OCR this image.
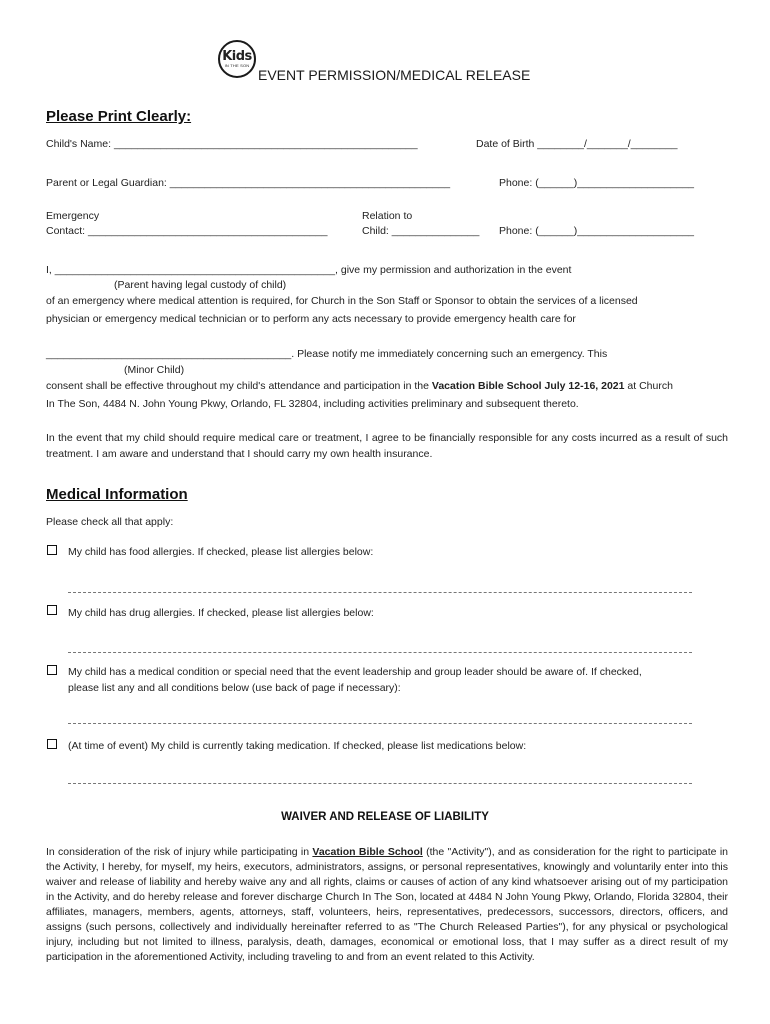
Kids
IN THE SON
EVENT PERMISSION/MEDICAL RELEASE
Please Print Clearly:
Child's Name: ____________________________________________________	Date of Birth ________/_______/________
Parent or Legal Guardian: ________________________________________________	Phone: (______)____________________
Emergency
Contact: _________________________________________
Relation to
Child: _______________ Phone: (______)____________________
I, ________________________________________________, give my permission and authorization in the event
(Parent having legal custody of child)
of an emergency where medical attention is required, for Church in the Son Staff or Sponsor to obtain the services of a licensed
physician or emergency medical technician or to perform any acts necessary to provide emergency health care for
__________________________________________. Please notify me immediately concerning such an emergency. This
(Minor Child)
consent shall be effective throughout my child's attendance and participation in the Vacation Bible School July 12-16, 2021 at Church
In The Son, 4484 N. John Young Pkwy, Orlando, FL 32804, including activities preliminary and subsequent thereto.
In the event that my child should require medical care or treatment, I agree to be financially responsible for any costs incurred as a result of such treatment. I am aware and understand that I should carry my own health insurance.
Medical Information
Please check all that apply:
My child has food allergies. If checked, please list allergies below:
My child has drug allergies. If checked, please list allergies below:
My child has a medical condition or special need that the event leadership and group leader should be aware of. If checked,
please list any and all conditions below (use back of page if necessary):
(At time of event) My child is currently taking medication. If checked, please list medications below:
WAIVER AND RELEASE OF LIABILITY
In consideration of the risk of injury while participating in Vacation Bible School (the "Activity"), and as consideration for the right to participate in the Activity, I hereby, for myself, my heirs, executors, administrators, assigns, or personal representatives, knowingly and voluntarily enter into this waiver and release of liability and hereby waive any and all rights, claims or causes of action of any kind whatsoever arising out of my participation in the Activity, and do hereby release and forever discharge Church In The Son, located at 4484 N John Young Pkwy, Orlando, Florida 32804, their affiliates, managers, members, agents, attorneys, staff, volunteers, heirs, representatives, predecessors, successors, directors, officers, and assigns (such persons, collectively and individually hereinafter referred to as "The Church Released Parties"), for any physical or psychological injury, including but not limited to illness, paralysis, death, damages, economical or emotional loss, that I may suffer as a direct result of my participation in the aforementioned Activity, including traveling to and from an event related to this Activity.
